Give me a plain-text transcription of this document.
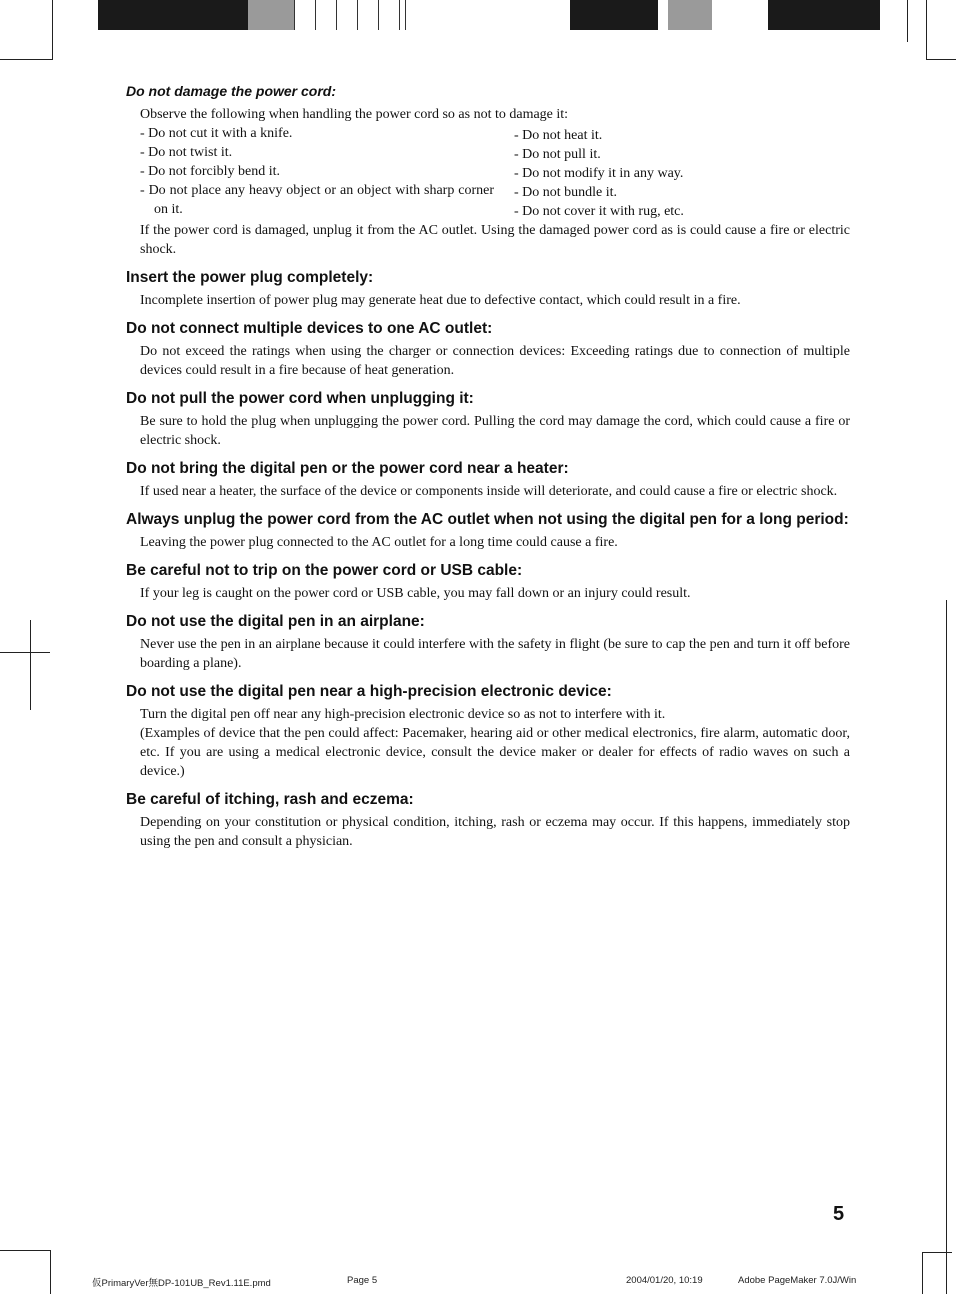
Do not damage the power cord:

Observe the following when handling the power cord so as not to damage it:

- Do not cut it with a knife.
- Do not twist it.
- Do not forcibly bend it.
- Do not place any heavy object or an object with sharp corner on it.
- Do not heat it.
- Do not pull it.
- Do not modify it in any way.
- Do not bundle it.
- Do not cover it with rug, etc.

If the power cord is damaged, unplug it from the AC outlet. Using the damaged power cord as is could cause a fire or electric shock.

Insert the power plug completely:

Incomplete insertion of power plug may generate heat due to defective contact, which could result in a fire.

Do not connect multiple devices to one AC outlet:

Do not exceed the ratings when using the charger or connection devices: Exceeding ratings due to connection of multiple devices could result in a fire because of heat generation.

Do not pull the power cord when unplugging it:

Be sure to hold the plug when unplugging the power cord. Pulling the cord may damage the cord, which could cause a fire or electric shock.

Do not bring the digital pen or the power cord near a heater:

If used near a heater, the surface of the device or components inside will deteriorate, and could cause a fire or electric shock.

Always unplug the power cord from the AC outlet when not using the digital pen for a long period:

Leaving the power plug connected to the AC outlet for a long time could cause a fire.

Be careful not to trip on the power cord or USB cable:

If your leg is caught on the power cord or USB cable, you may fall down or an injury could result.

Do not use the digital pen in an airplane:

Never use the pen in an airplane because it could interfere with the safety in flight (be sure to cap the pen and turn it off before boarding a plane).

Do not use the digital pen near a high-precision electronic device:

Turn the digital pen off near any high-precision electronic device so as not to interfere with it.

(Examples of device that the pen could affect: Pacemaker, hearing aid or other medical electronics, fire alarm, automatic door, etc. If you are using a medical electronic device, consult the device maker or dealer for effects of radio waves on such a device.)

Be careful of itching, rash and eczema:

Depending on your constitution or physical condition, itching, rash or eczema may occur. If this happens, immediately stop using the pen and consult a physician.

5
仮PrimaryVer無DP-101UB_Rev1.11E.pmd	Page 5	2004/01/20, 10:19	Adobe PageMaker 7.0J/Win
